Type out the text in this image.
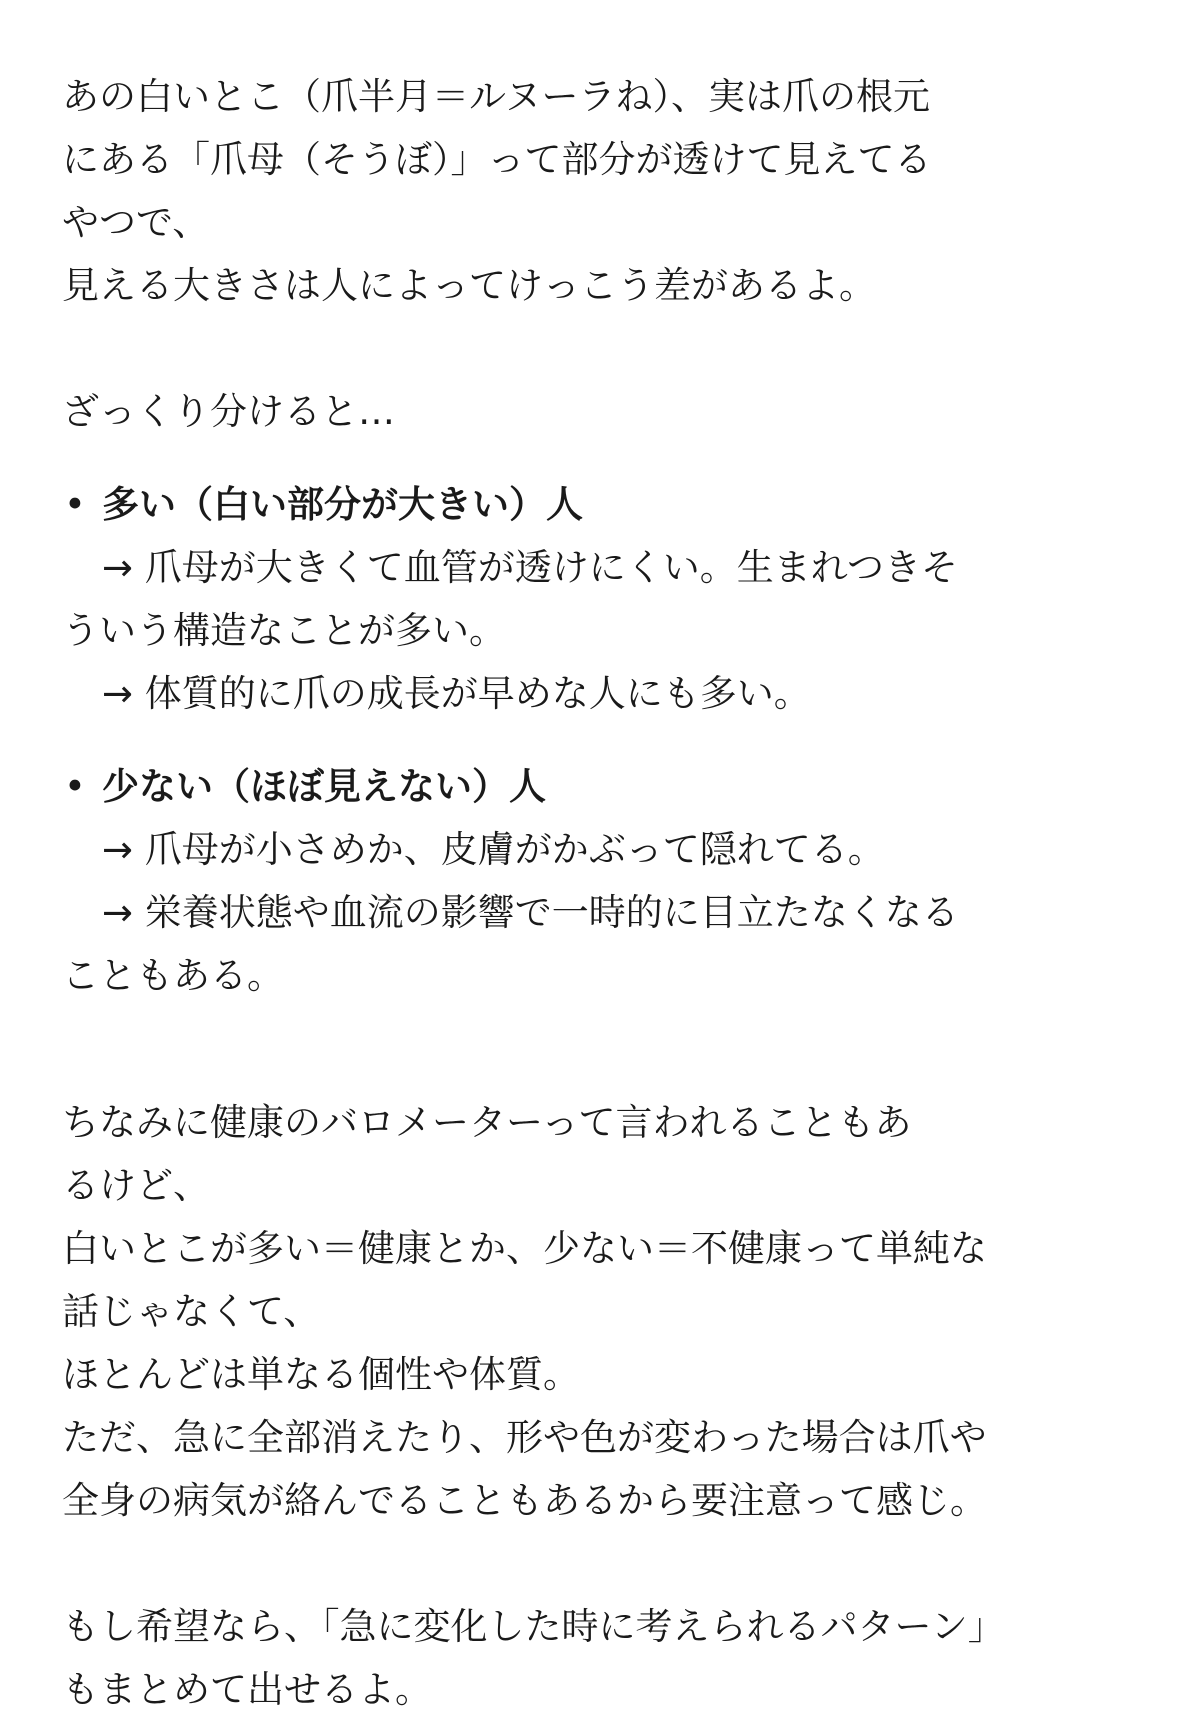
あの白いとこ（爪半月＝ルヌーラね）、実は爪の根元

にある「爪母（そうぼ）」って部分が透けて見えてる

やつで、

見える大きさは人によってけっこう差があるよ。

ざっくり分けると…

• 多い（白い部分が大きい）人

→ 爪母が大きくて血管が透けにくい。生まれつきそ

ういう構造なことが多い。

→ 体質的に爪の成長が早めな人にも多い。

• 少ない（ほぼ見えない）人

→ 爪母が小さめか、皮膚がかぶって隠れてる。

→ 栄養状態や血流の影響で一時的に目立たなくなる

こともある。

ちなみに健康のバロメーターって言われることもあ

るけど、

白いとこが多い＝健康とか、少ない＝不健康って単純な

話じゃなくて、

ほとんどは単なる個性や体質。

ただ、急に全部消えたり、形や色が変わった場合は爪や

全身の病気が絡んでることもあるから要注意って感じ。

もし希望なら、「急に変化した時に考えられるパターン」

もまとめて出せるよ。
